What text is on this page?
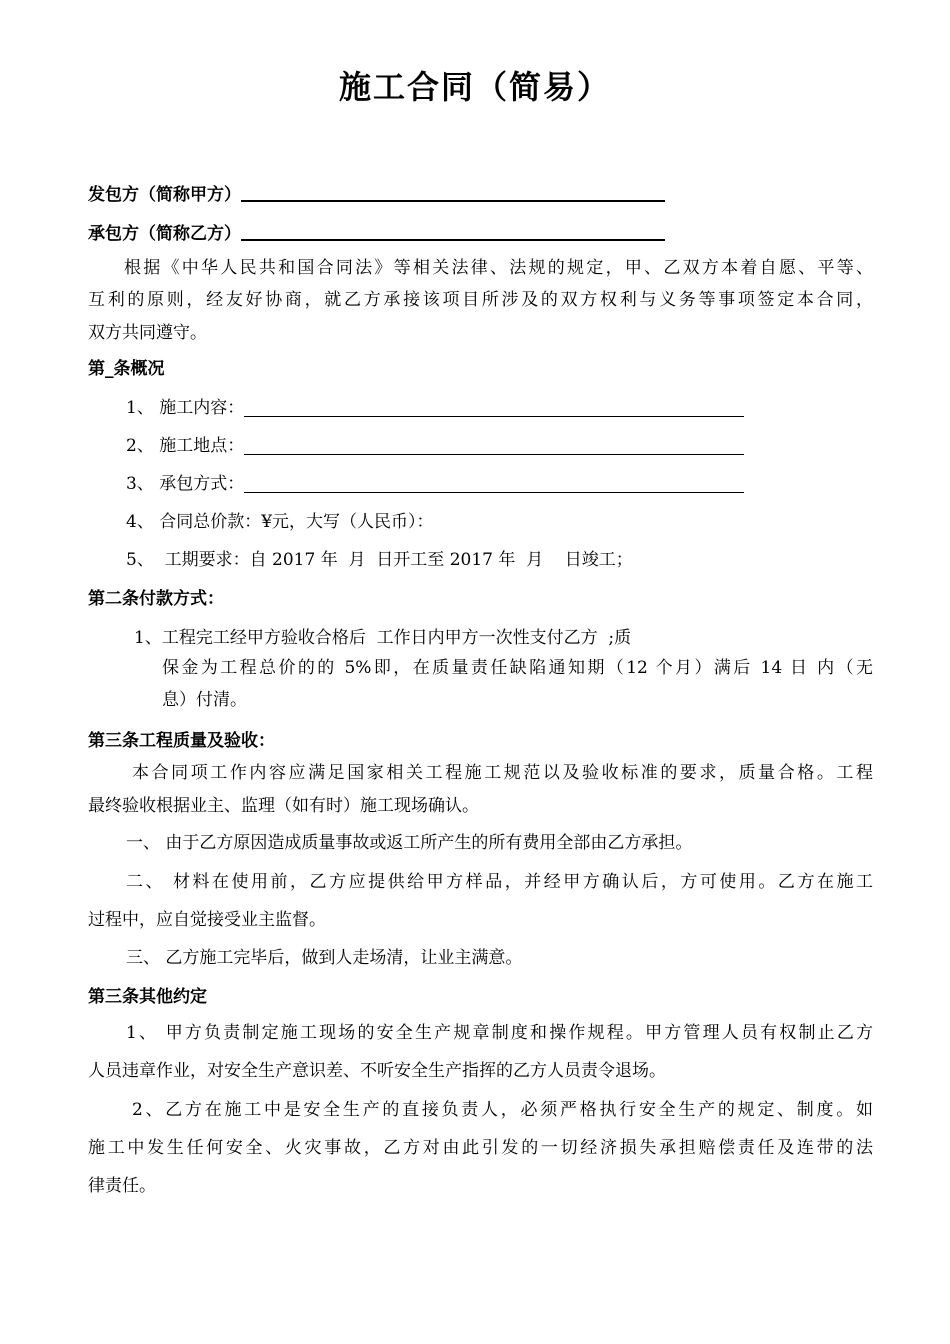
施工合同（简易）
发包方（简称甲方）
承包方（简称乙方）
根据《中华人民共和国合同法》等相关法律、法规的规定，甲、乙双方本着自愿、平等、
互利的原则，经友好协商，就乙方承接该项目所涉及的双方权利与义务等事项签定本合同，
双方共同遵守。
第_条概况
1、 施工内容：
2、 施工地点：
3、 承包方式：
4、 合同总价款：¥元，大写（人民币）：
5、  工期要求：自 2017 年  月  日开工至 2017 年  月    日竣工；
第二条付款方式：
1、工程完工经甲方验收合格后  工作日内甲方一次性支付乙方  ;质
保金为工程总价的的 5%即，在质量责任缺陷通知期（12 个月）满后 14 日 内（无
息）付清。
第三条工程质量及验收：
本合同项工作内容应满足国家相关工程施工规范以及验收标准的要求，质量合格。工程
最终验收根据业主、监理（如有时）施工现场确认。
一、 由于乙方原因造成质量事故或返工所产生的所有费用全部由乙方承担。
二、 材料在使用前，乙方应提供给甲方样品，并经甲方确认后，方可使用。乙方在施工
过程中，应自觉接受业主监督。
三、 乙方施工完毕后，做到人走场清，让业主满意。
第三条其他约定
1、 甲方负责制定施工现场的安全生产规章制度和操作规程。甲方管理人员有权制止乙方
人员违章作业，对安全生产意识差、不听安全生产指挥的乙方人员责令退场。
2、乙方在施工中是安全生产的直接负责人，必须严格执行安全生产的规定、制度。如
施工中发生任何安全、火灾事故，乙方对由此引发的一切经济损失承担赔偿责任及连带的法
律责任。
